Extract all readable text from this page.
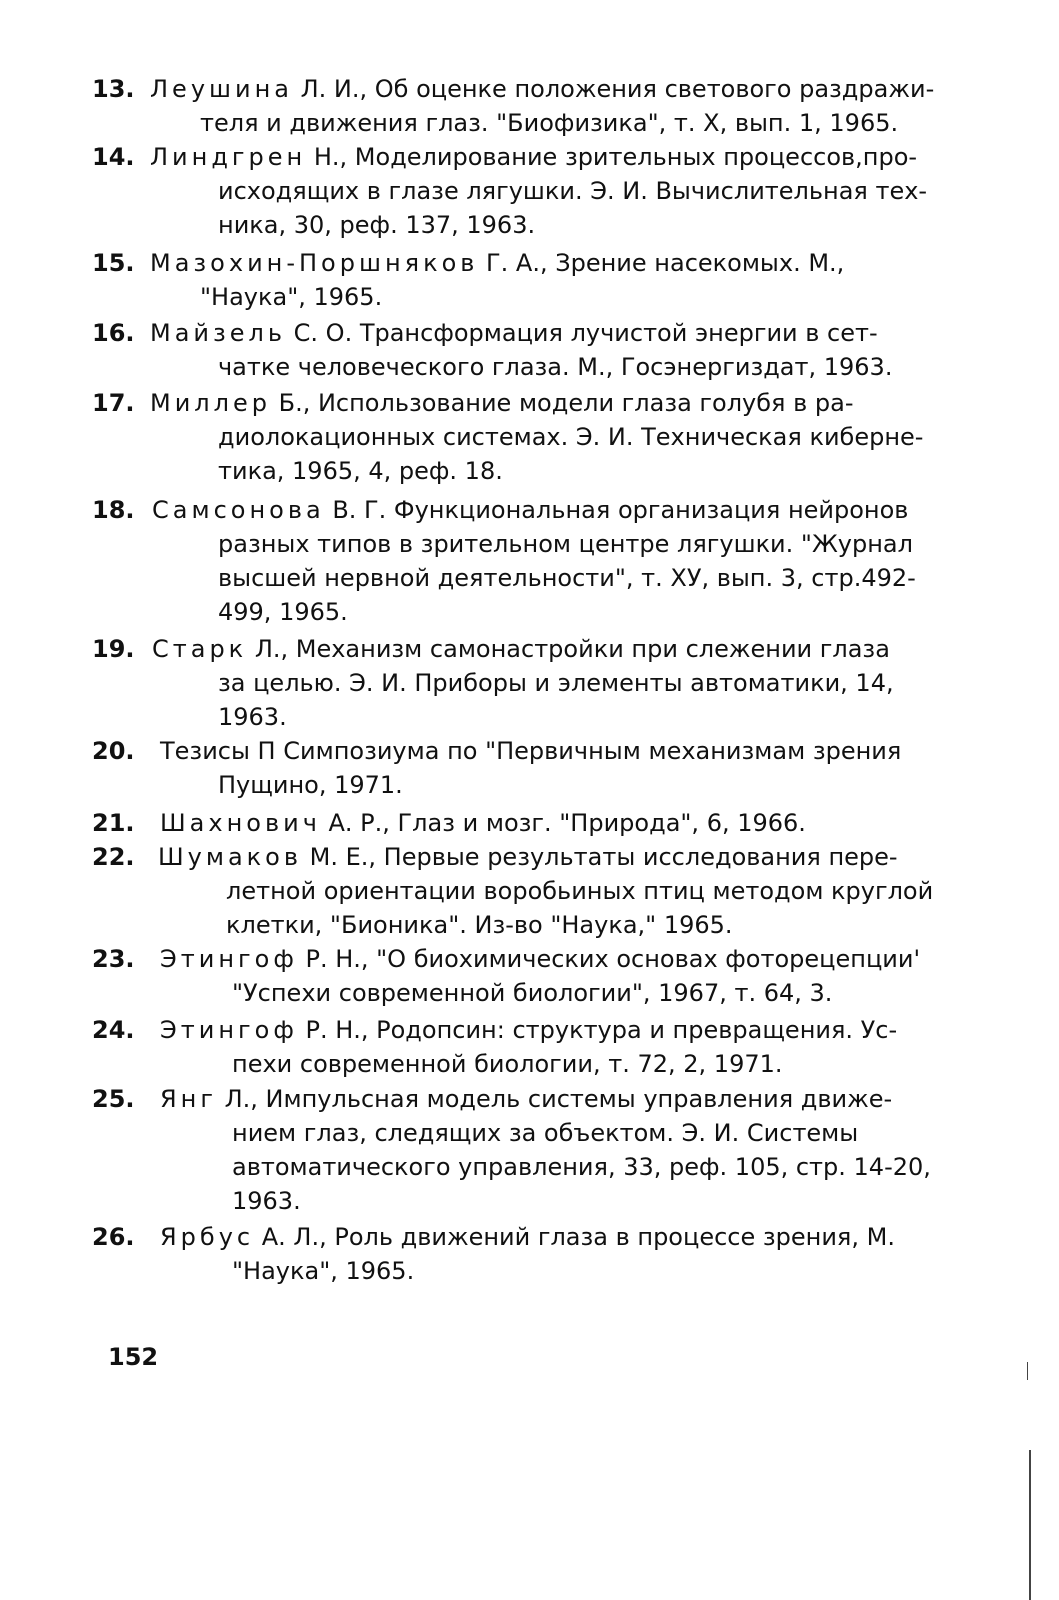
13. Леушина Л. И., Об оценке положения светового раздражи-
теля и движения глаз. "Биофизика", т. X, вып. 1, 1965.
14. Линдгрен Н., Моделирование зрительных процессов,про-
исходящих в глазе лягушки. Э. И. Вычислительная тех-
ника, 30, реф. 137, 1963.
15. Мазохин-Поршняков Г. А., Зрение насекомых. М.,
"Наука", 1965.
16. Майзель С. О. Трансформация лучистой энергии в сет-
чатке человеческого глаза. М., Госэнергиздат, 1963.
17. Миллер Б., Использование модели глаза голубя в ра-
диолокационных системах. Э. И. Техническая киберне-
тика, 1965, 4, реф. 18.
18. Самсонова В. Г. Функциональная организация нейронов
разных типов в зрительном центре лягушки. "Журнал
высшей нервной деятельности", т. ХУ, вып. 3, стр.492-
499, 1965.
19. Старк Л., Механизм самонастройки при слежении глаза
за целью. Э. И. Приборы и элементы автоматики, 14,
1963.
20. Тезисы П Симпозиума по "Первичным механизмам зрения
Пущино, 1971.
21. Шахнович А. Р., Глаз и мозг. "Природа", 6, 1966.
22. Шумаков М. Е., Первые результаты исследования пере-
летной ориентации воробьиных птиц методом круглой
клетки, "Бионика". Из-во "Наука," 1965.
23. Этингоф Р. Н., "О биохимических основах фоторецепции'
"Успехи современной биологии", 1967, т. 64, 3.
24. Этингоф Р. Н., Родопсин: структура и превращения. Ус-
пехи современной биологии, т. 72, 2, 1971.
25. Янг Л., Импульсная модель системы управления движе-
нием глаз, следящих за объектом. Э. И. Системы
автоматического управления, 33, реф. 105, стр. 14-20,
1963.
26. Ярбус А. Л., Роль движений глаза в процессе зрения, М.
"Наука", 1965.
152
